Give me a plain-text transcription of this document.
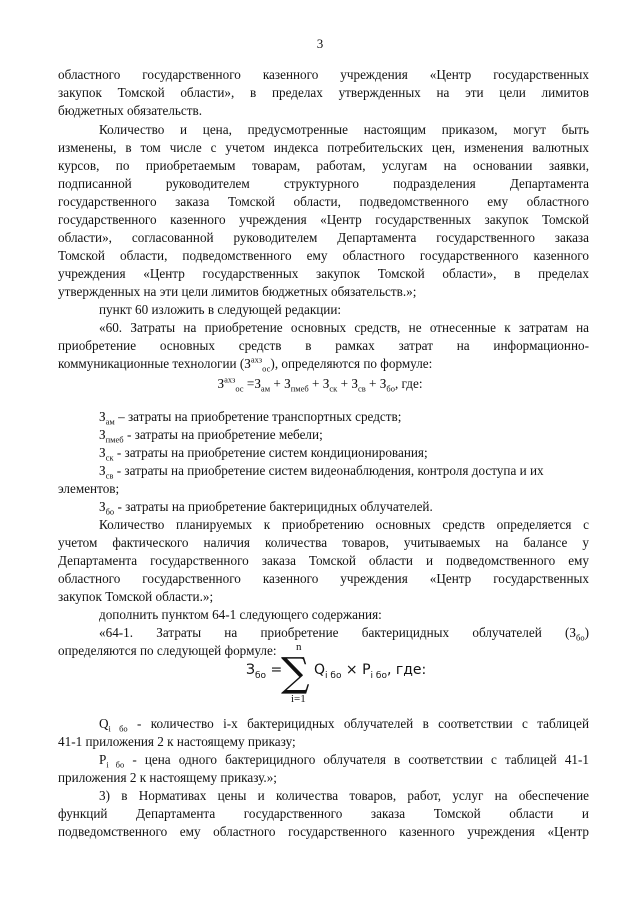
3
областного государственного казенного учреждения «Центр государственных
закупок Томской области», в пределах утвержденных на эти цели лимитов
бюджетных обязательств.
Количество и цена, предусмотренные настоящим приказом, могут быть
изменены, в том числе с учетом индекса потребительских цен, изменения валютных
курсов, по приобретаемым товарам, работам, услугам на основании заявки,
подписанной руководителем структурного подразделения Департамента
государственного заказа Томской области, подведомственного ему областного
государственного казенного учреждения «Центр государственных закупок Томской
области», согласованной руководителем Департамента государственного заказа
Томской области, подведомственного ему областного государственного казенного
учреждения «Центр государственных закупок Томской области», в пределах
утвержденных на эти цели лимитов бюджетных обязательств.»;
пункт 60 изложить в следующей редакции:
«60. Затраты на приобретение основных средств, не отнесенные к затратам на
приобретение основных средств в рамках затрат на информационно-
коммуникационные технологии $(З^{ахз}_{ос})$, определяются по формуле:
$З^{ахз}_{ос} =З_{ам} + З_{пмеб} + З_{ск} + З_{св} + З_{бо}$, где:
$З_{ам}$ – затраты на приобретение транспортных средств;
$З_{пмеб}$ - затраты на приобретение мебели;
$З_{ск}$ - затраты на приобретение систем кондиционирования;
$З_{св}$ - затраты на приобретение систем видеонаблюдения, контроля доступа и их
элементов;
$З_{бо}$ - затраты на приобретение бактерицидных облучателей.
Количество планируемых к приобретению основных средств определяется с
учетом фактического наличия количества товаров, учитываемых на балансе у
Департамента государственного заказа Томской области и подведомственного ему
областного государственного казенного учреждения «Центр государственных
закупок Томской области.»;
дополнить пунктом 64-1 следующего содержания:
«64-1. Затраты на приобретение бактерицидных облучателей $(З_{бо})$
определяются по следующей формуле:
$З_{бо}$ =
n
∑
i=1
$Q_{i бо} \times P_{i бо}$, где:
$Q_{i бо}$ - количество i-х бактерицидных облучателей в соответствии с таблицей
41-1 приложения 2 к настоящему приказу;
$P_{i бо}$ - цена одного бактерицидного облучателя в соответствии с таблицей 41-1
приложения 2 к настоящему приказу.»;
3) в Нормативах цены и количества товаров, работ, услуг на обеспечение
функций Департамента государственного заказа Томской области и
подведомственного ему областного государственного казенного учреждения «Центр
